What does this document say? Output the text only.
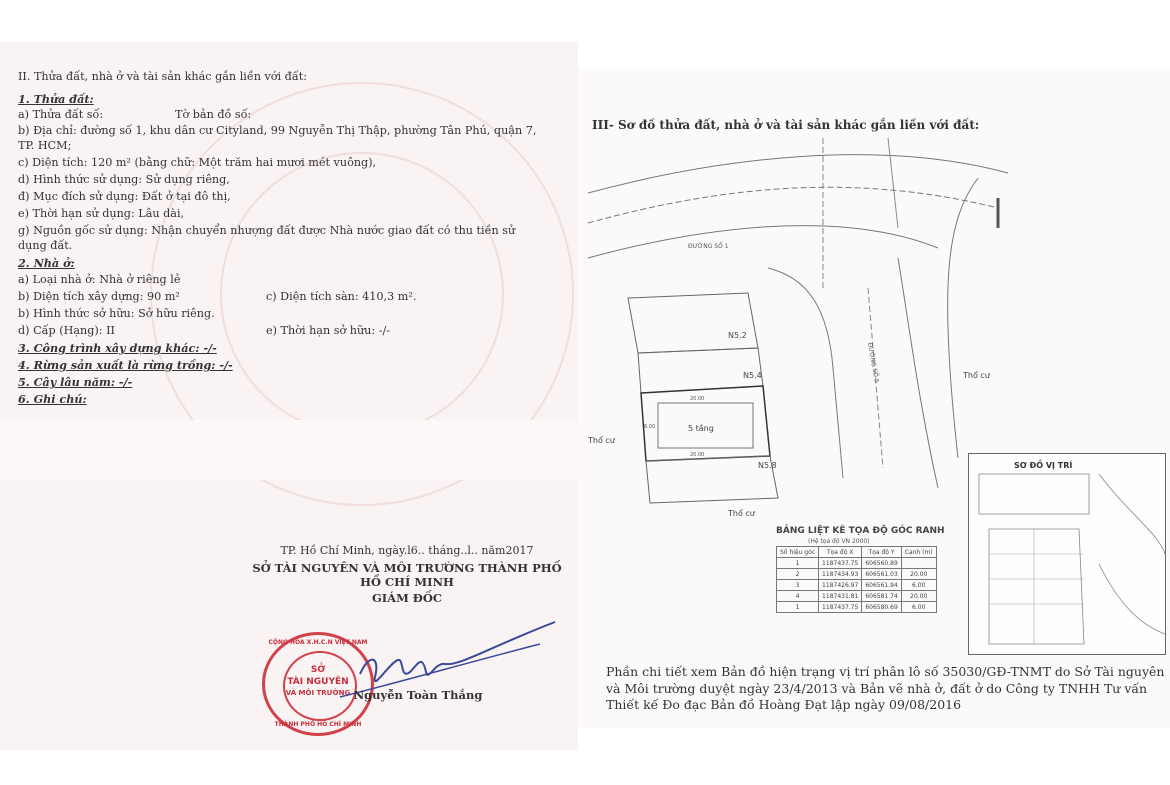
II. Thửa đất, nhà ở và tài sản khác gắn liền với đất:
1. Thửa đất:
a) Thửa đất số:	Tờ bản đồ số:
b) Địa chỉ: đường số 1, khu dân cư Cityland, 99 Nguyễn Thị Thập, phường Tân Phú, quận 7,
TP. HCM;
c) Diện tích: 120 m² (bằng chữ: Một trăm hai mươi mét vuông),
d) Hình thức sử dụng: Sử dụng riêng,
đ) Mục đích sử dụng: Đất ở tại đô thị,
e) Thời hạn sử dụng: Lâu dài,
g) Nguồn gốc sử dụng: Nhận chuyển nhượng đất được Nhà nước giao đất có thu tiền sử
dụng đất.
2. Nhà ở:
a) Loại nhà ở: Nhà ở riêng lẻ
b) Diện tích xây dựng: 90 m²	c) Diện tích sàn: 410,3 m².
b) Hình thức sở hữu: Sở hữu riêng.
d) Cấp (Hạng): II	e) Thời hạn sở hữu: -/-
3. Công trình xây dựng khác: -/-
4. Rừng sản xuất là rừng trồng: -/-
5. Cây lâu năm: -/-
6. Ghi chú:
TP. Hồ Chí Minh, ngày.l6.. tháng..l.. năm2017
SỞ TÀI NGUYÊN VÀ MÔI TRƯỜNG THÀNH PHỐ HỒ CHÍ MINH
GIÁM ĐỐC
CỘNG HÒA X.H.C.N VIỆT NAM
SỞ
TÀI NGUYÊN
VÀ MÔI TRƯỜNG
THÀNH PHỐ HỒ CHÍ MINH
Nguyễn Toàn Thắng
III- Sơ đồ thửa đất, nhà ở và tài sản khác gắn liền với đất:
N5.2
N5.4
N5.8
5 tầng
Thổ cư
Thổ cư
Thổ cư
ĐƯỜNG SỐ 1
ĐƯỜNG SỐ 5
20.00
20.00
6.00
BẢNG LIỆT KÊ TỌA ĐỘ GÓC RANH
(Hệ tọa độ VN 2000)
Số hiệu góc	Tọa độ X	Tọa độ Y	Cạnh (m)
1	1187437.75	606560.89	
2	1187434.93	606561.03	20.00
3	1187426.97	606561.94	6.00
4	1187431.81	606581.74	20.00
1	1187437.75	606580.69	6.00
SƠ ĐỒ VỊ TRÍ
Phần chi tiết xem Bản đồ hiện trạng vị trí phân lô số 35030/GĐ-TNMT do Sở Tài nguyên và Môi trường duyệt ngày 23/4/2013 và Bản vẽ nhà ở, đất ở do Công ty TNHH Tư vấn Thiết kế Đo đạc Bản đồ Hoàng Đạt lập ngày 09/08/2016
